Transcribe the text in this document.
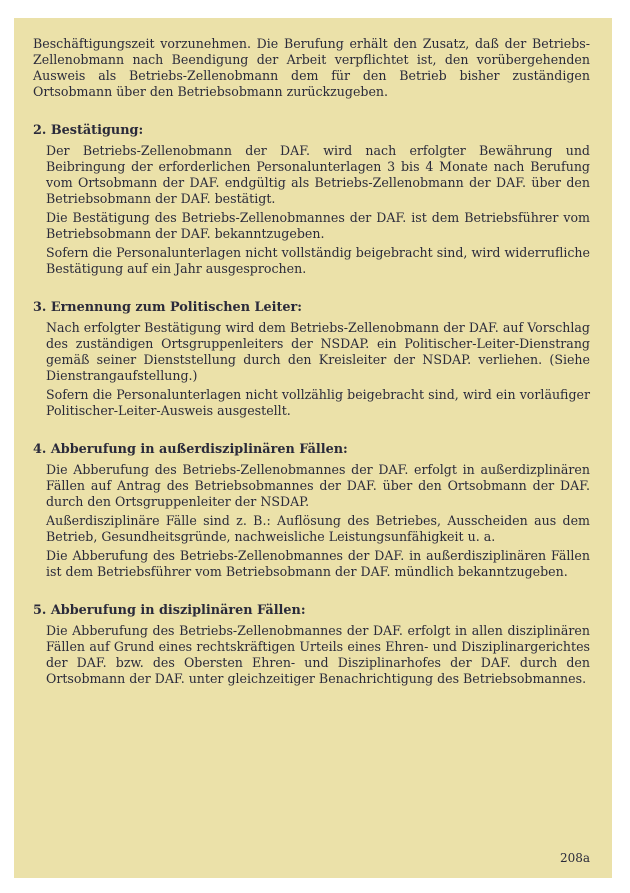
Beschäftigungszeit vorzunehmen. Die Berufung erhält den Zusatz, daß der Betriebs-Zellenobmann nach Beendigung der Arbeit verpflichtet ist, den vorübergehenden Ausweis als Betriebs-Zellenobmann dem für den Betrieb bisher zuständigen Ortsobmann über den Betriebsobmann zurückzugeben.

2. Bestätigung:

Der Betriebs-Zellenobmann der DAF. wird nach erfolgter Bewährung und Beibringung der erforderlichen Personalunterlagen 3 bis 4 Monate nach Berufung vom Ortsobmann der DAF. endgültig als Betriebs-Zellenobmann der DAF. über den Betriebsobmann der DAF. bestätigt.

Die Bestätigung des Betriebs-Zellenobmannes der DAF. ist dem Betriebsführer vom Betriebsobmann der DAF. bekanntzugeben.

Sofern die Personalunterlagen nicht vollständig beigebracht sind, wird widerrufliche Bestätigung auf ein Jahr ausgesprochen.

3. Ernennung zum Politischen Leiter:

Nach erfolgter Bestätigung wird dem Betriebs-Zellenobmann der DAF. auf Vorschlag des zuständigen Ortsgruppenleiters der NSDAP. ein Politischer-Leiter-Dienstrang gemäß seiner Dienststellung durch den Kreisleiter der NSDAP. verliehen. (Siehe Dienstrangaufstellung.)

Sofern die Personalunterlagen nicht vollzählig beigebracht sind, wird ein vorläufiger Politischer-Leiter-Ausweis ausgestellt.

4. Abberufung in außerdisziplinären Fällen:

Die Abberufung des Betriebs-Zellenobmannes der DAF. erfolgt in außerdizplinären Fällen auf Antrag des Betriebsobmannes der DAF. über den Ortsobmann der DAF. durch den Ortsgruppenleiter der NSDAP.

Außerdisziplinäre Fälle sind z. B.: Auflösung des Betriebes, Ausscheiden aus dem Betrieb, Gesundheitsgründe, nachweisliche Leistungsunfähigkeit u. a.

Die Abberufung des Betriebs-Zellenobmannes der DAF. in außerdisziplinären Fällen ist dem Betriebsführer vom Betriebsobmann der DAF. mündlich bekanntzugeben.

5. Abberufung in disziplinären Fällen:

Die Abberufung des Betriebs-Zellenobmannes der DAF. erfolgt in allen disziplinären Fällen auf Grund eines rechtskräftigen Urteils eines Ehren- und Disziplinargerichtes der DAF. bzw. des Obersten Ehren- und Disziplinarhofes der DAF. durch den Ortsobmann der DAF. unter gleichzeitiger Benachrichtigung des Betriebsobmannes.

208a
